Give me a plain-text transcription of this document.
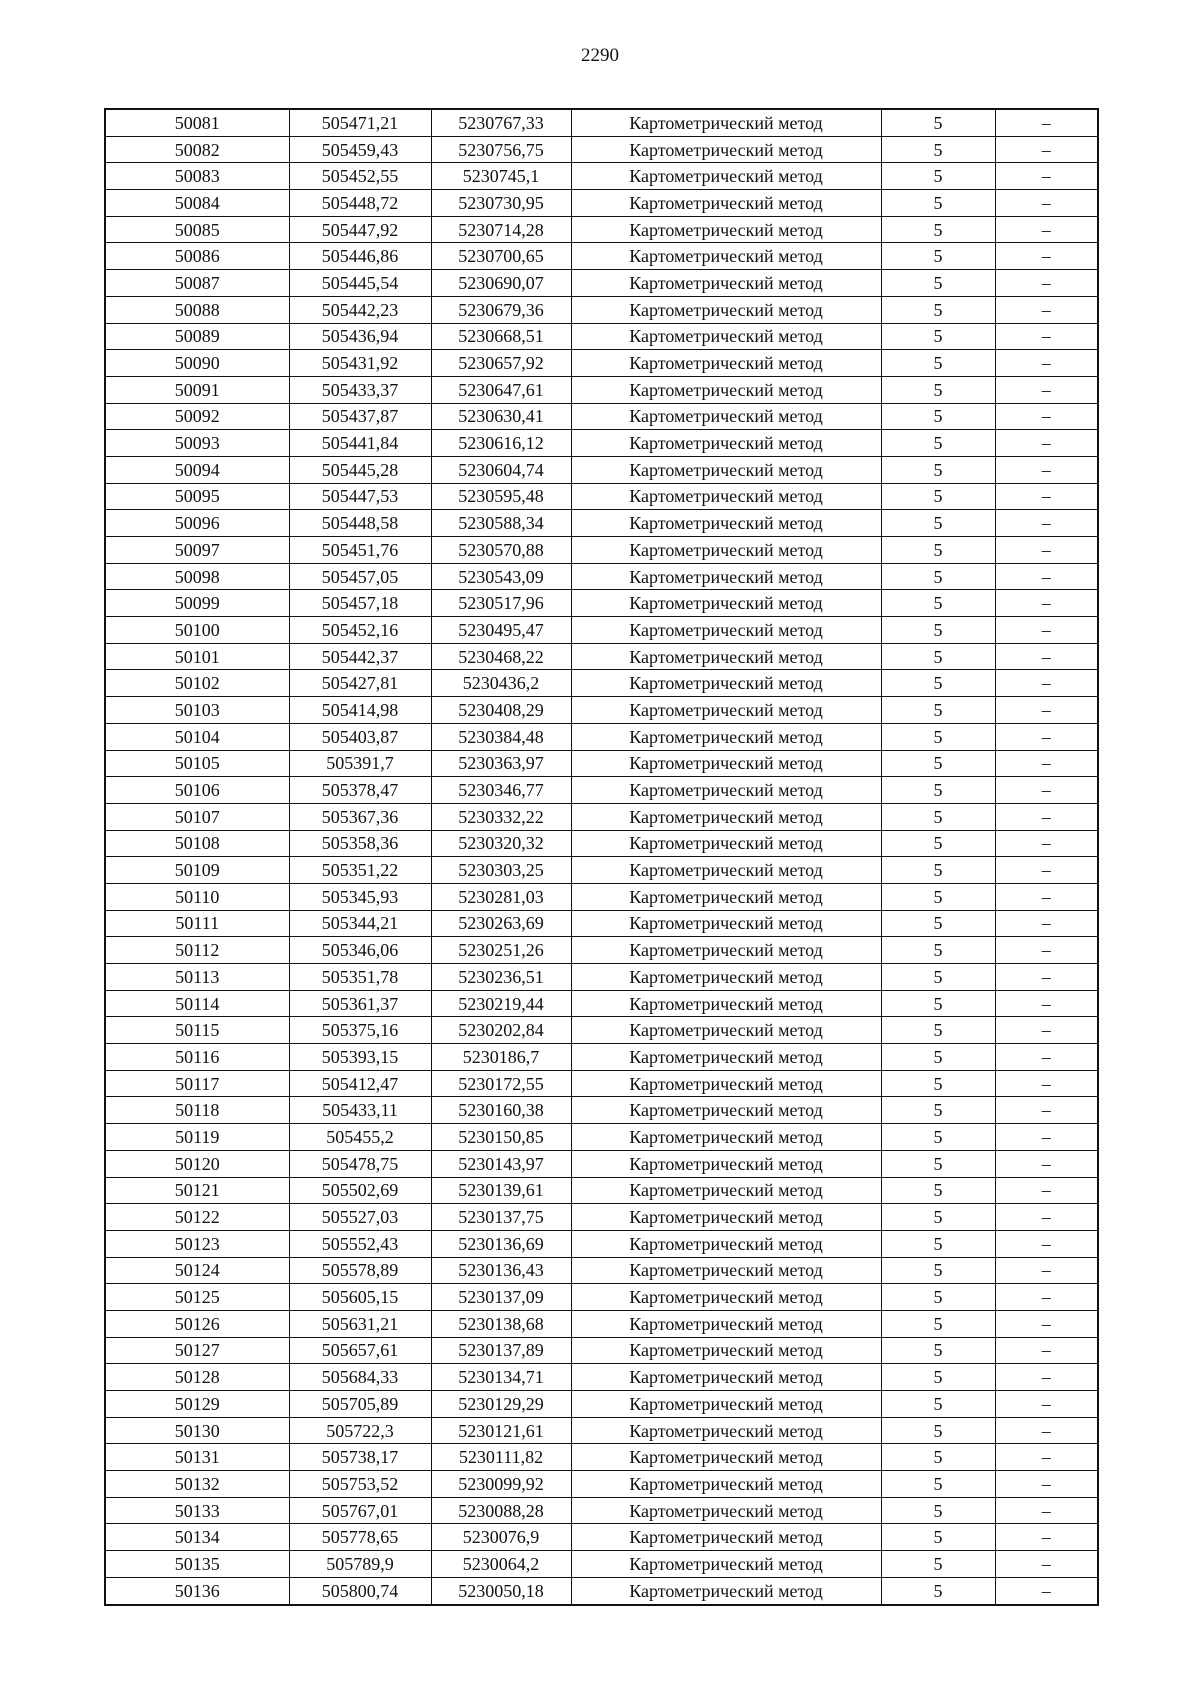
2290
50081	505471,21	5230767,33	Картометрический метод	5	–
50082	505459,43	5230756,75	Картометрический метод	5	–
50083	505452,55	5230745,1	Картометрический метод	5	–
50084	505448,72	5230730,95	Картометрический метод	5	–
50085	505447,92	5230714,28	Картометрический метод	5	–
50086	505446,86	5230700,65	Картометрический метод	5	–
50087	505445,54	5230690,07	Картометрический метод	5	–
50088	505442,23	5230679,36	Картометрический метод	5	–
50089	505436,94	5230668,51	Картометрический метод	5	–
50090	505431,92	5230657,92	Картометрический метод	5	–
50091	505433,37	5230647,61	Картометрический метод	5	–
50092	505437,87	5230630,41	Картометрический метод	5	–
50093	505441,84	5230616,12	Картометрический метод	5	–
50094	505445,28	5230604,74	Картометрический метод	5	–
50095	505447,53	5230595,48	Картометрический метод	5	–
50096	505448,58	5230588,34	Картометрический метод	5	–
50097	505451,76	5230570,88	Картометрический метод	5	–
50098	505457,05	5230543,09	Картометрический метод	5	–
50099	505457,18	5230517,96	Картометрический метод	5	–
50100	505452,16	5230495,47	Картометрический метод	5	–
50101	505442,37	5230468,22	Картометрический метод	5	–
50102	505427,81	5230436,2	Картометрический метод	5	–
50103	505414,98	5230408,29	Картометрический метод	5	–
50104	505403,87	5230384,48	Картометрический метод	5	–
50105	505391,7	5230363,97	Картометрический метод	5	–
50106	505378,47	5230346,77	Картометрический метод	5	–
50107	505367,36	5230332,22	Картометрический метод	5	–
50108	505358,36	5230320,32	Картометрический метод	5	–
50109	505351,22	5230303,25	Картометрический метод	5	–
50110	505345,93	5230281,03	Картометрический метод	5	–
50111	505344,21	5230263,69	Картометрический метод	5	–
50112	505346,06	5230251,26	Картометрический метод	5	–
50113	505351,78	5230236,51	Картометрический метод	5	–
50114	505361,37	5230219,44	Картометрический метод	5	–
50115	505375,16	5230202,84	Картометрический метод	5	–
50116	505393,15	5230186,7	Картометрический метод	5	–
50117	505412,47	5230172,55	Картометрический метод	5	–
50118	505433,11	5230160,38	Картометрический метод	5	–
50119	505455,2	5230150,85	Картометрический метод	5	–
50120	505478,75	5230143,97	Картометрический метод	5	–
50121	505502,69	5230139,61	Картометрический метод	5	–
50122	505527,03	5230137,75	Картометрический метод	5	–
50123	505552,43	5230136,69	Картометрический метод	5	–
50124	505578,89	5230136,43	Картометрический метод	5	–
50125	505605,15	5230137,09	Картометрический метод	5	–
50126	505631,21	5230138,68	Картометрический метод	5	–
50127	505657,61	5230137,89	Картометрический метод	5	–
50128	505684,33	5230134,71	Картометрический метод	5	–
50129	505705,89	5230129,29	Картометрический метод	5	–
50130	505722,3	5230121,61	Картометрический метод	5	–
50131	505738,17	5230111,82	Картометрический метод	5	–
50132	505753,52	5230099,92	Картометрический метод	5	–
50133	505767,01	5230088,28	Картометрический метод	5	–
50134	505778,65	5230076,9	Картометрический метод	5	–
50135	505789,9	5230064,2	Картометрический метод	5	–
50136	505800,74	5230050,18	Картометрический метод	5	–
